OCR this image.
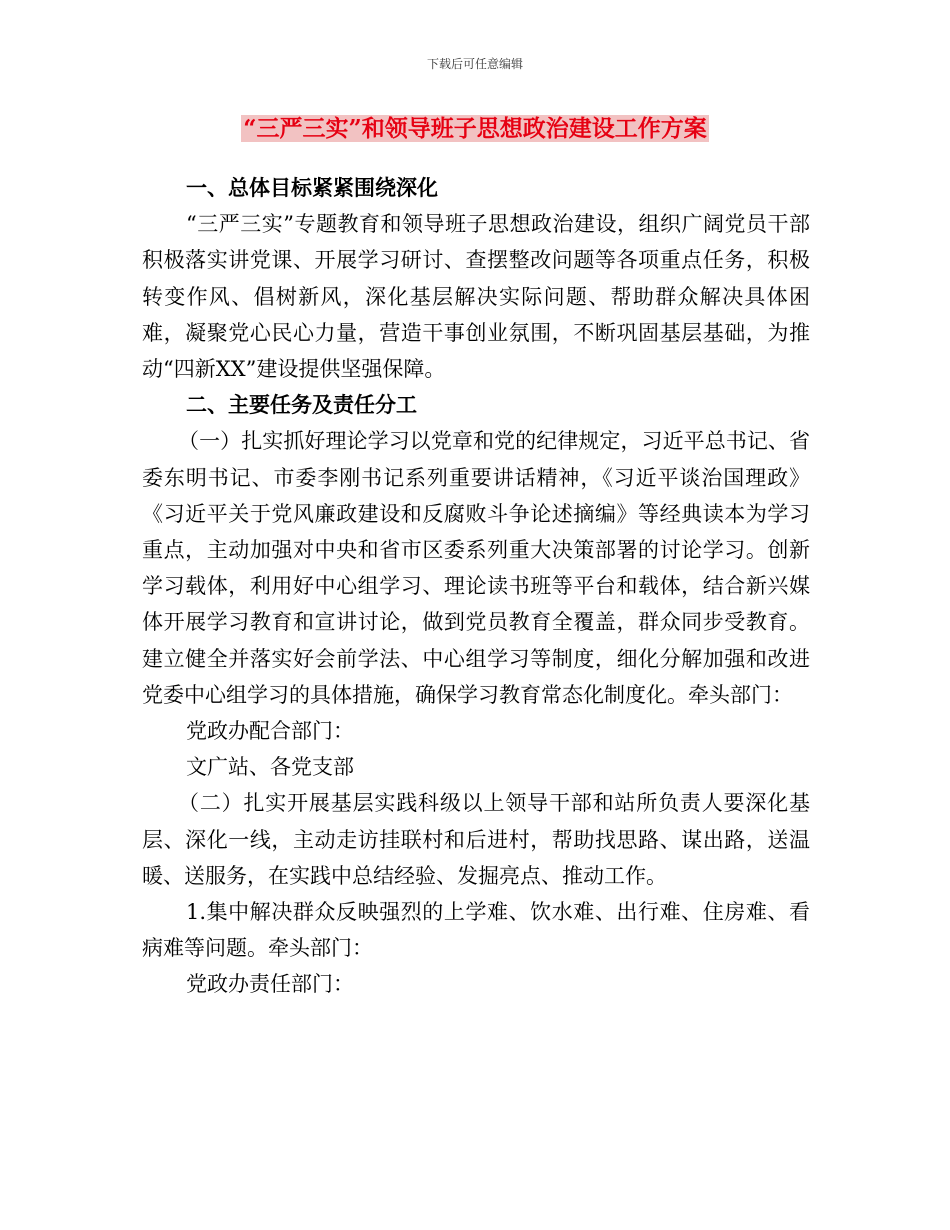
下载后可任意编辑
“三严三实”和领导班子思想政治建设工作方案

一、总体目标紧紧围绕深化

“三严三实”专题教育和领导班子思想政治建设，组织广阔党员干部积极落实讲党课、开展学习研讨、查摆整改问题等各项重点任务，积极转变作风、倡树新风，深化基层解决实际问题、帮助群众解决具体困难，凝聚党心民心力量，营造干事创业氛围，不断巩固基层基础，为推动“四新XX”建设提供坚强保障。

二、主要任务及责任分工

（一）扎实抓好理论学习以党章和党的纪律规定，习近平总书记、省委东明书记、市委李刚书记系列重要讲话精神，《习近平谈治国理政》《习近平关于党风廉政建设和反腐败斗争论述摘编》等经典读本为学习重点，主动加强对中央和省市区委系列重大决策部署的讨论学习。创新学习载体，利用好中心组学习、理论读书班等平台和载体，结合新兴媒体开展学习教育和宣讲讨论，做到党员教育全覆盖，群众同步受教育。建立健全并落实好会前学法、中心组学习等制度，细化分解加强和改进党委中心组学习的具体措施，确保学习教育常态化制度化。牵头部门：

党政办配合部门：

文广站、各党支部

（二）扎实开展基层实践科级以上领导干部和站所负责人要深化基层、深化一线，主动走访挂联村和后进村，帮助找思路、谋出路，送温暖、送服务，在实践中总结经验、发掘亮点、推动工作。

1.集中解决群众反映强烈的上学难、饮水难、出行难、住房难、看病难等问题。牵头部门：

党政办责任部门：
